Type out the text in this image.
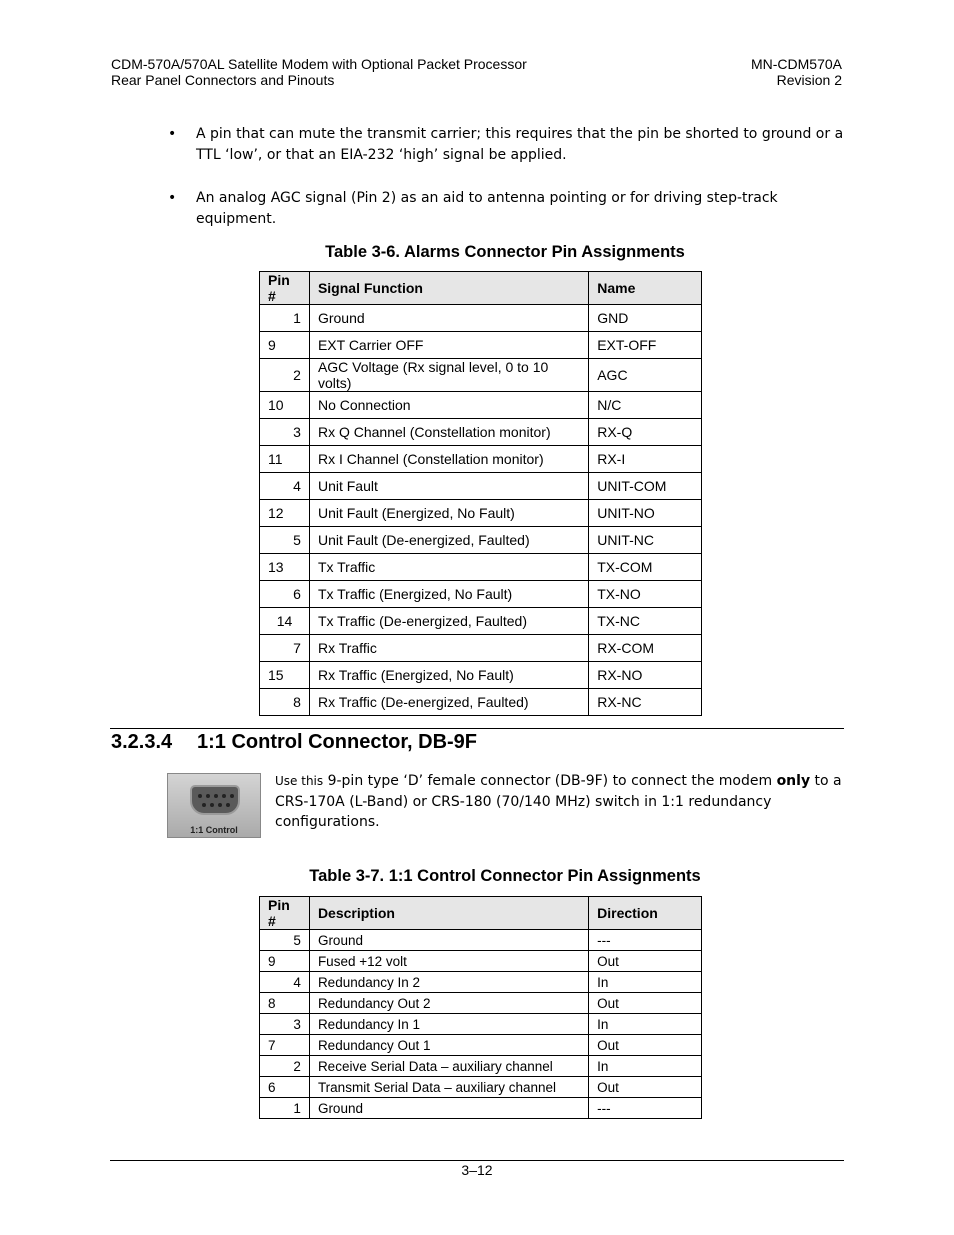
CDM-570A/570AL Satellite Modem with Optional Packet Processor
Rear Panel Connectors and Pinouts
MN-CDM570A
Revision 2
• A pin that can mute the transmit carrier; this requires that the pin be shorted to ground or a TTL ‘low’, or that an EIA-232 ‘high’ signal be applied.
• An analog AGC signal (Pin 2) as an aid to antenna pointing or for driving step-track equipment.
Table 3-6. Alarms Connector Pin Assignments
Pin #	Signal Function	Name
1	Ground	GND
9	EXT Carrier OFF	EXT-OFF
2	AGC Voltage (Rx signal level, 0 to 10 volts)	AGC
10	No Connection	N/C
3	Rx Q Channel (Constellation monitor)	RX-Q
11	Rx I Channel (Constellation monitor)	RX-I
4	Unit Fault	UNIT-COM
12	Unit Fault (Energized, No Fault)	UNIT-NO
5	Unit Fault (De-energized, Faulted)	UNIT-NC
13	Tx Traffic	TX-COM
6	Tx Traffic (Energized, No Fault)	TX-NO
14	Tx Traffic (De-energized, Faulted)	TX-NC
7	Rx Traffic	RX-COM
15	Rx Traffic (Energized, No Fault)	RX-NO
8	Rx Traffic (De-energized, Faulted)	RX-NC
3.2.3.4 1:1 Control Connector, DB-9F
1:1 Control
Use this 9-pin type ‘D’ female connector (DB-9F) to connect the modem only to a CRS-170A (L-Band) or CRS-180 (70/140 MHz) switch in 1:1 redundancy configurations.
Table 3-7. 1:1 Control Connector Pin Assignments
Pin #	Description	Direction
5	Ground	---
9	Fused +12 volt	Out
4	Redundancy In 2	In
8	Redundancy Out 2	Out
3	Redundancy In 1	In
7	Redundancy Out 1	Out
2	Receive Serial Data – auxiliary channel	In
6	Transmit Serial Data – auxiliary channel	Out
1	Ground	---
3–12
